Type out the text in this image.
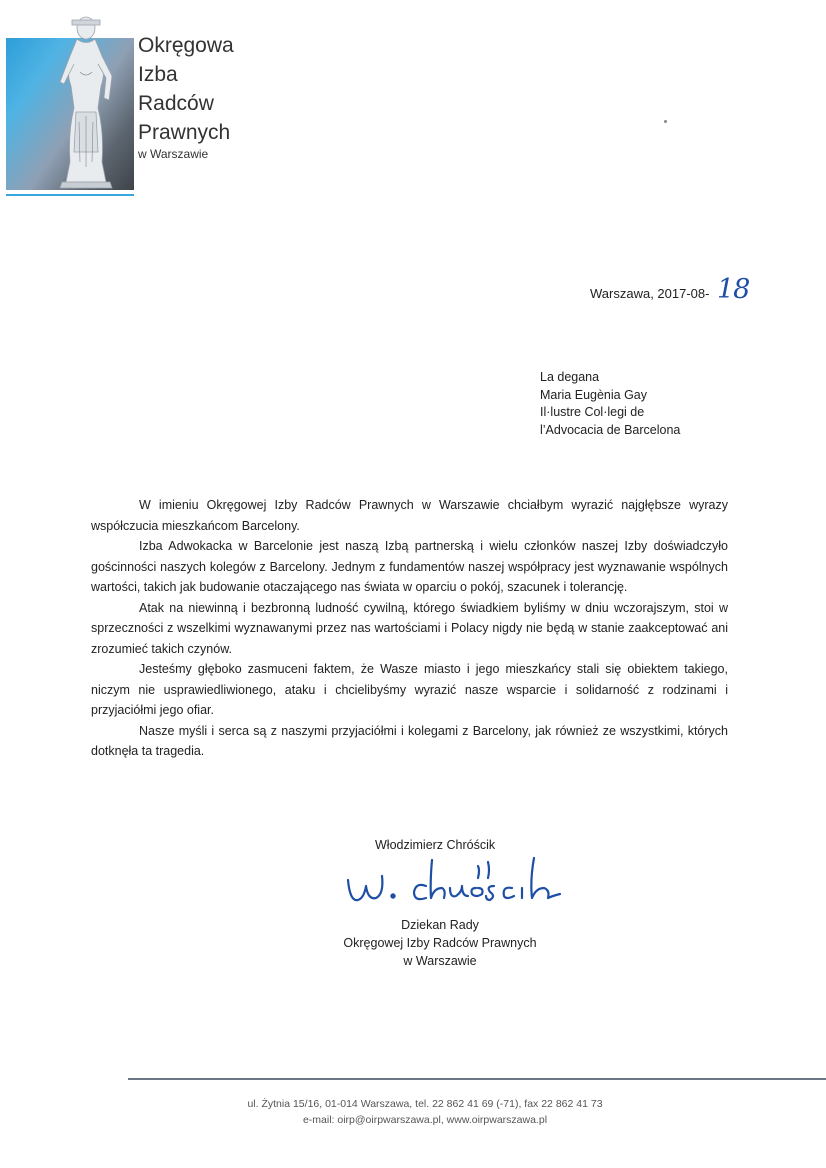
Okręgowa
Izba
Radców
Prawnych
w Warszawie
Warszawa, 2017-08- 18
La degana
Maria Eugènia Gay
Il·lustre Col·legi de
l’Advocacia de Barcelona

W imieniu Okręgowej Izby Radców Prawnych w Warszawie chciałbym wyrazić najgłębsze wyrazy współczucia mieszkańcom Barcelony.

Izba Adwokacka w Barcelonie jest naszą Izbą partnerską i wielu członków naszej Izby doświadczyło gościnności naszych kolegów z Barcelony. Jednym z fundamentów naszej współpracy jest wyznawanie wspólnych wartości, takich jak budowanie otaczającego nas świata w oparciu o pokój, szacunek i tolerancję.

Atak na niewinną i bezbronną ludność cywilną, którego świadkiem byliśmy w dniu wczorajszym, stoi w sprzeczności z wszelkimi wyznawanymi przez nas wartościami i Polacy nigdy nie będą w stanie zaakceptować ani zrozumieć takich czynów.

Jesteśmy głęboko zasmuceni faktem, że Wasze miasto i jego mieszkańcy stali się obiektem takiego, niczym nie usprawiedliwionego, ataku i chcielibyśmy wyrazić nasze wsparcie i solidarność z rodzinami i przyjaciółmi jego ofiar.

Nasze myśli i serca są z naszymi przyjaciółmi i kolegami z Barcelony, jak również ze wszystkimi, których dotknęła ta tragedia.

Włodzimierz Chróścik
Dziekan Rady
Okręgowej Izby Radców Prawnych
w Warszawie
ul. Żytnia 15/16, 01-014 Warszawa, tel. 22 862 41 69 (-71), fax 22 862 41 73
e-mail: oirp@oirpwarszawa.pl, www.oirpwarszawa.pl
